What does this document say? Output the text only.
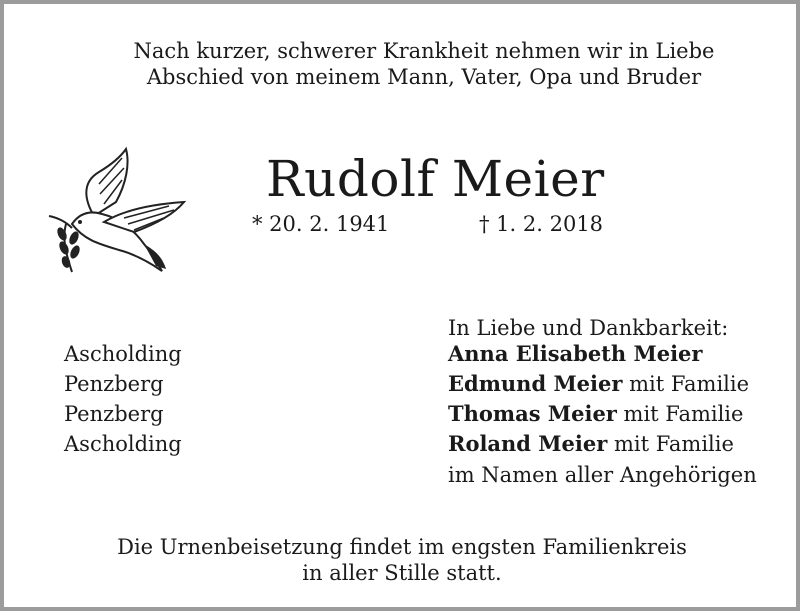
Nach kurzer, schwerer Krankheit nehmen wir in Liebe
Abschied von meinem Mann, Vater, Opa und Bruder
Rudolf Meier
* 20. 2. 1941	† 1. 2. 2018
In Liebe und Dankbarkeit:
Ascholding	Anna Elisabeth Meier
Penzberg	Edmund Meier mit Familie
Penzberg	Thomas Meier mit Familie
Ascholding	Roland Meier mit Familie
im Namen aller Angehörigen
Die Urnenbeisetzung findet im engsten Familienkreis
in aller Stille statt.
